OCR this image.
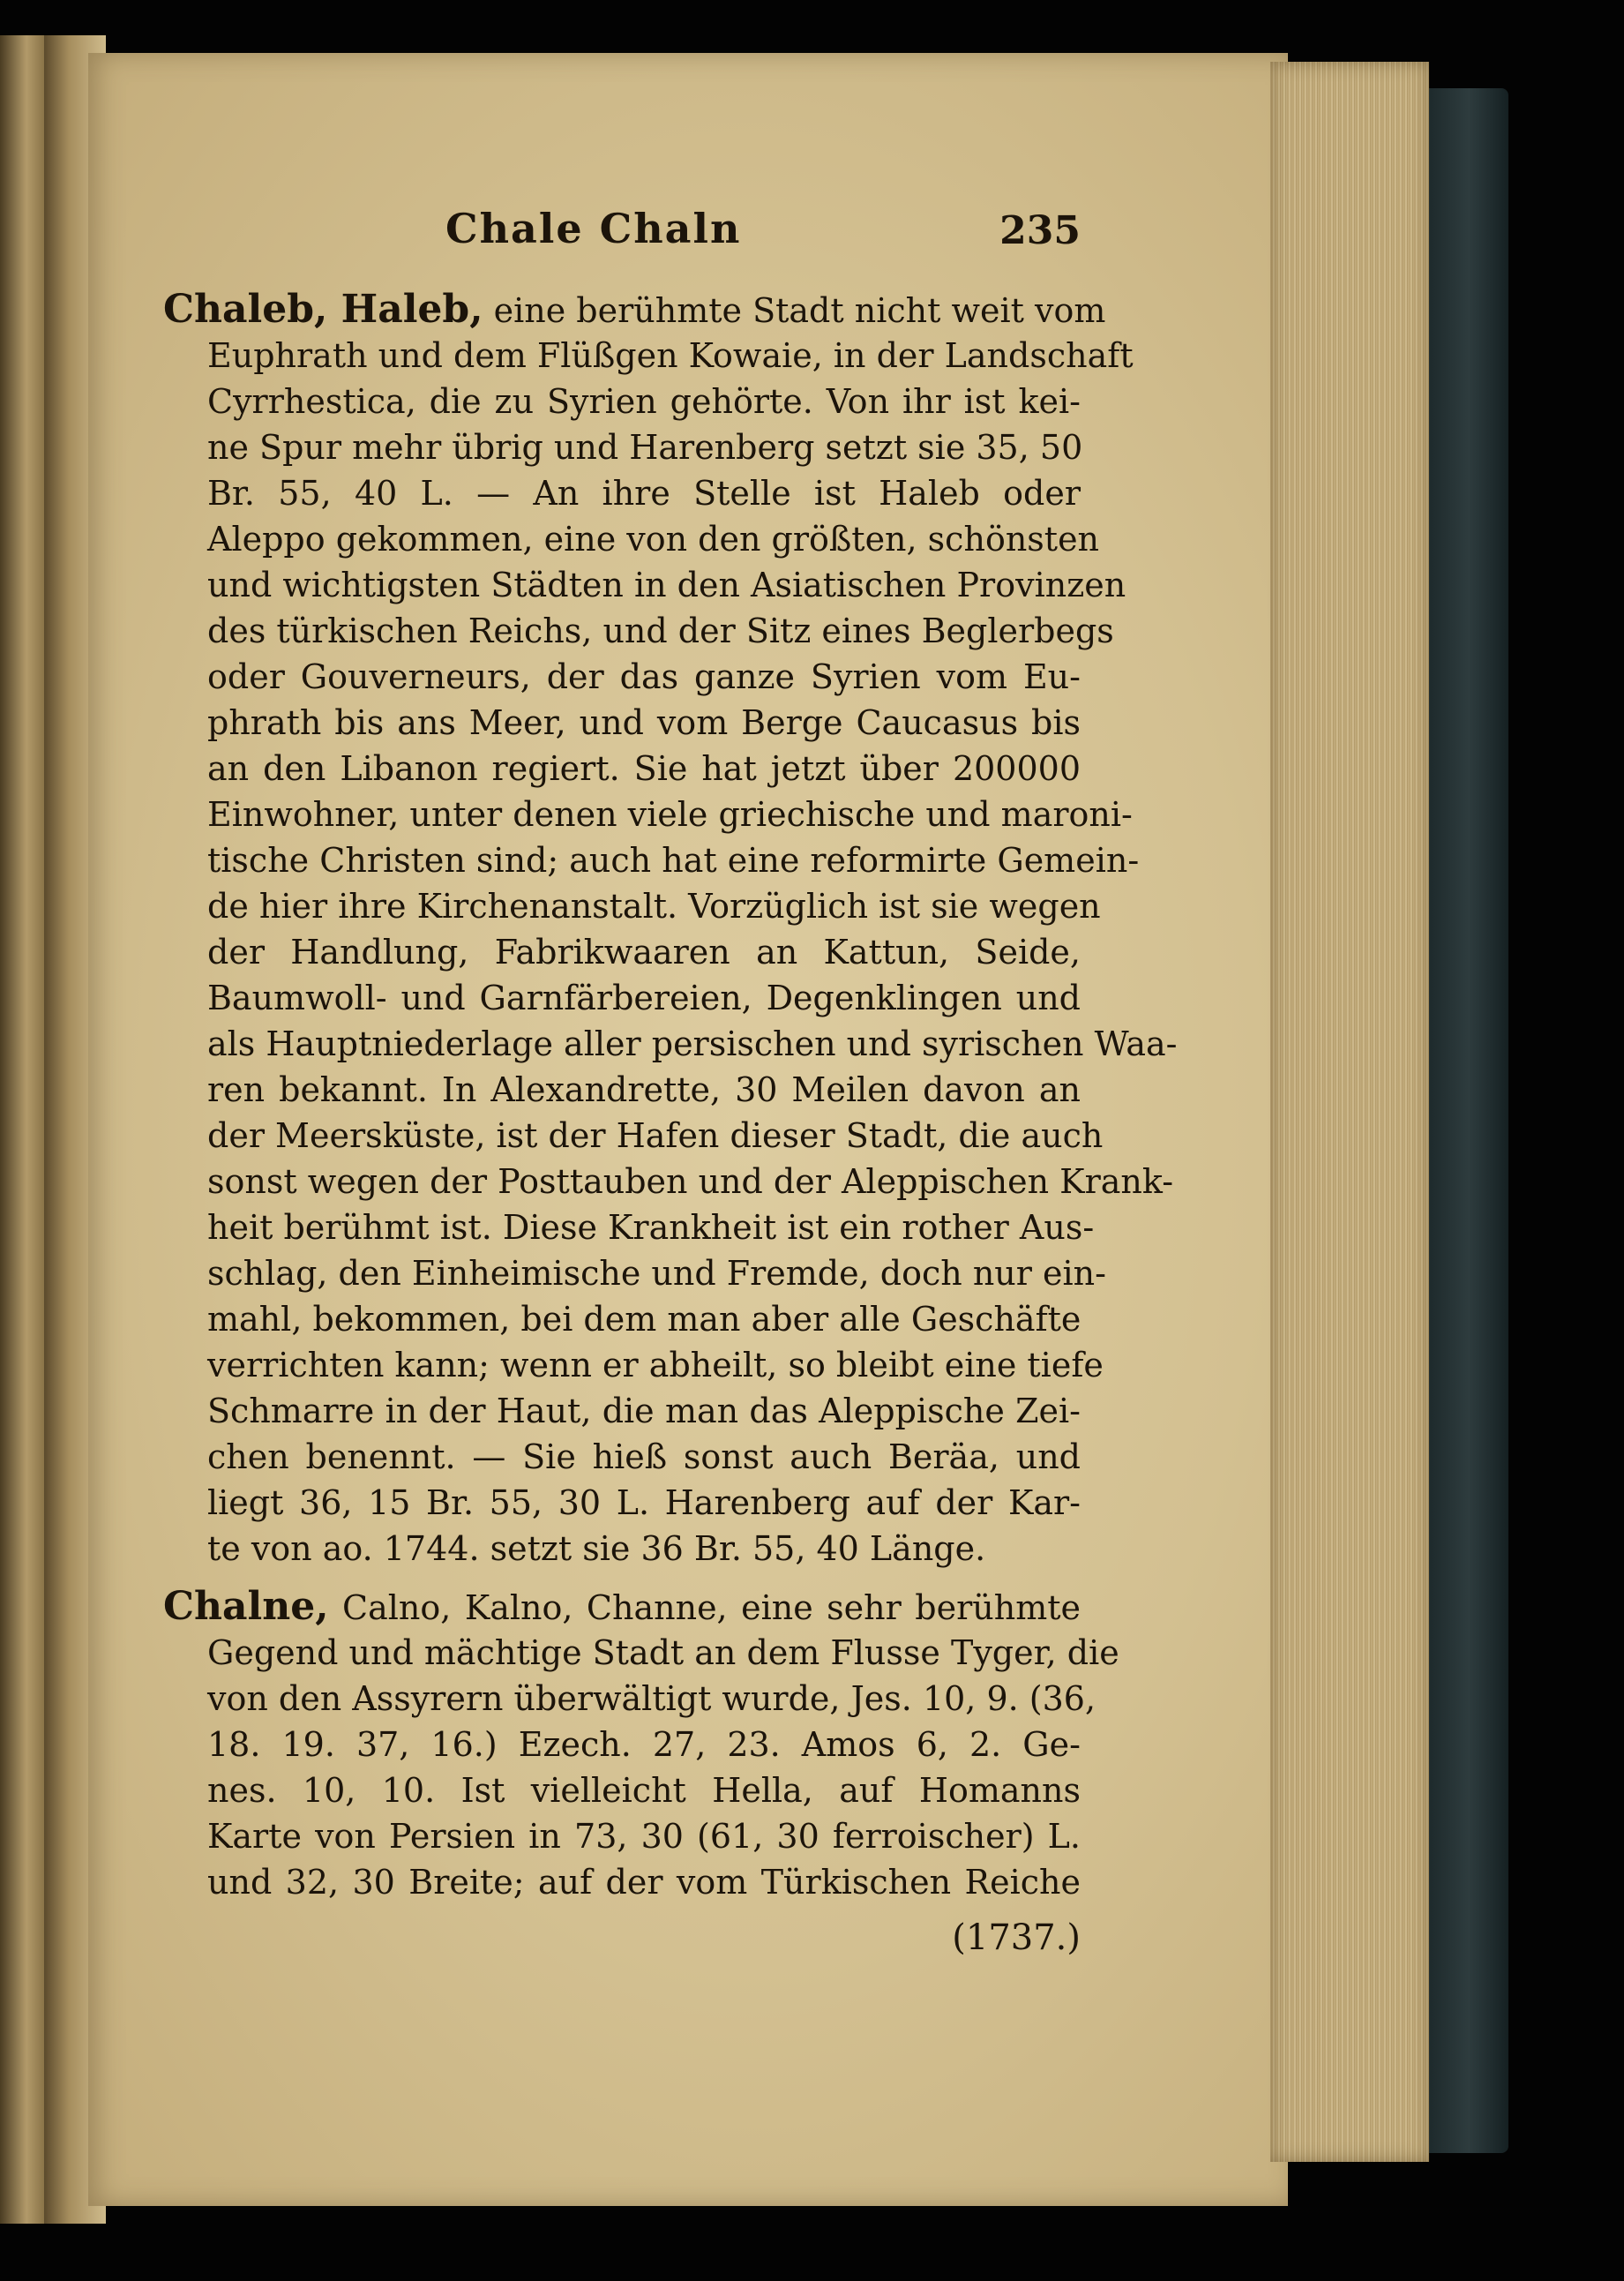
Chale Chaln	235
Chaleb, Haleb, eine berühmte Stadt nicht weit vom
Euphrath und dem Flüßgen Kowaie, in der Landschaft
Cyrrhestica, die zu Syrien gehörte. Von ihr ist kei-
ne Spur mehr übrig und Harenberg setzt sie 35, 50
Br. 55, 40 L. — An ihre Stelle ist Haleb oder
Aleppo gekommen, eine von den größten, schönsten
und wichtigsten Städten in den Asiatischen Provinzen
des türkischen Reichs, und der Sitz eines Beglerbegs
oder Gouverneurs, der das ganze Syrien vom Eu-
phrath bis ans Meer, und vom Berge Caucasus bis
an den Libanon regiert. Sie hat jetzt über 200000
Einwohner, unter denen viele griechische und maroni-
tische Christen sind; auch hat eine reformirte Gemein-
de hier ihre Kirchenanstalt. Vorzüglich ist sie wegen
der Handlung, Fabrikwaaren an Kattun, Seide,
Baumwoll- und Garnfärbereien, Degenklingen und
als Hauptniederlage aller persischen und syrischen Waa-
ren bekannt. In Alexandrette, 30 Meilen davon an
der Meersküste, ist der Hafen dieser Stadt, die auch
sonst wegen der Posttauben und der Aleppischen Krank-
heit berühmt ist. Diese Krankheit ist ein rother Aus-
schlag, den Einheimische und Fremde, doch nur ein-
mahl, bekommen, bei dem man aber alle Geschäfte
verrichten kann; wenn er abheilt, so bleibt eine tiefe
Schmarre in der Haut, die man das Aleppische Zei-
chen benennt. — Sie hieß sonst auch Beräa, und
liegt 36, 15 Br. 55, 30 L. Harenberg auf der Kar-
te von ao. 1744. setzt sie 36 Br. 55, 40 Länge.
Chalne, Calno, Kalno, Channe, eine sehr berühmte
Gegend und mächtige Stadt an dem Flusse Tyger, die
von den Assyrern überwältigt wurde, Jes. 10, 9. (36,
18. 19. 37, 16.) Ezech. 27, 23. Amos 6, 2. Ge-
nes. 10, 10. Ist vielleicht Hella, auf Homanns
Karte von Persien in 73, 30 (61, 30 ferroischer) L.
und 32, 30 Breite; auf der vom Türkischen Reiche
(1737.)
